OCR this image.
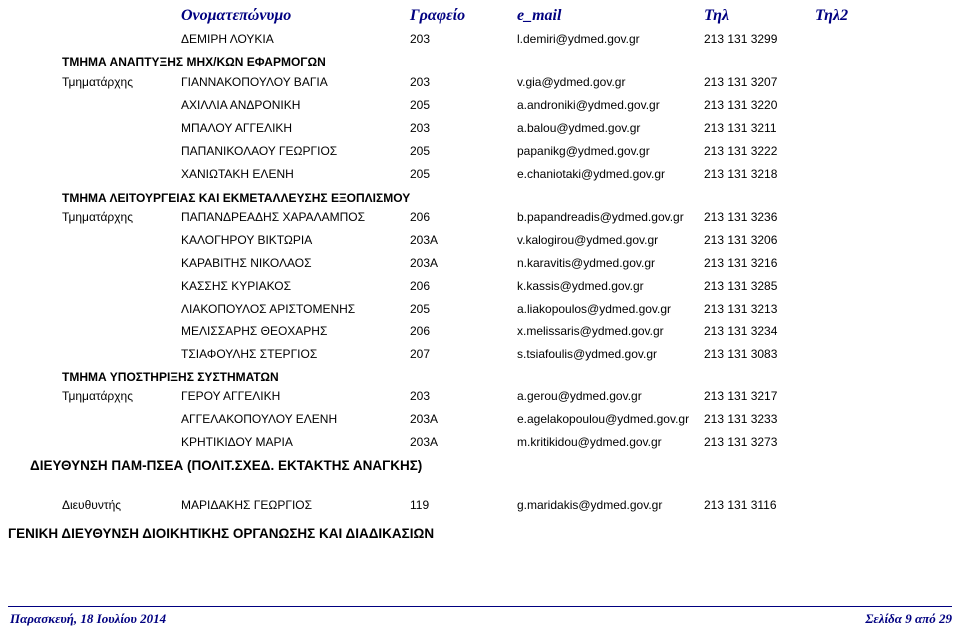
Ονοματεπώνυμο	Γραφείο	e_mail	Τηλ	Τηλ2
ΔΕΜΙΡΗ ΛΟΥΚΙΑ	203	l.demiri@ydmed.gov.gr	213 131 3299
ΤΜΗΜΑ ΑΝΑΠΤΥΞΗΣ ΜΗΧ/ΚΩΝ ΕΦΑΡΜΟΓΩΝ
Τμηματάρχης	ΓΙΑΝΝΑΚΟΠΟΥΛΟΥ ΒΑΓΙΑ	203	v.gia@ydmed.gov.gr	213 131 3207
ΑΧΙΛΛΙΑ ΑΝΔΡΟΝΙΚΗ	205	a.androniki@ydmed.gov.gr	213 131 3220
ΜΠΑΛΟΥ ΑΓΓΕΛΙΚΗ	203	a.balou@ydmed.gov.gr	213 131 3211
ΠΑΠΑΝΙΚΟΛΑΟΥ ΓΕΩΡΓΙΟΣ	205	papanikg@ydmed.gov.gr	213 131 3222
ΧΑΝΙΩΤΑΚΗ ΕΛΕΝΗ	205	e.chaniotaki@ydmed.gov.gr	213 131 3218
ΤΜΗΜΑ ΛΕΙΤΟΥΡΓΕΙΑΣ ΚΑΙ ΕΚΜΕΤΑΛΛΕΥΣΗΣ ΕΞΟΠΛΙΣΜΟΥ
Τμηματάρχης	ΠΑΠΑΝΔΡΕΑΔΗΣ ΧΑΡΑΛΑΜΠΟΣ	206	b.papandreadis@ydmed.gov.gr 213 131 3236
ΚΑΛΟΓΗΡΟΥ ΒΙΚΤΩΡΙΑ	203Α	v.kalogirou@ydmed.gov.gr	213 131 3206
ΚΑΡΑΒΙΤΗΣ ΝΙΚΟΛΑΟΣ	203Α	n.karavitis@ydmed.gov.gr	213 131 3216
ΚΑΣΣΗΣ ΚΥΡΙΑΚΟΣ	206	k.kassis@ydmed.gov.gr	213 131 3285
ΛΙΑΚΟΠΟΥΛΟΣ ΑΡΙΣΤΟΜΕΝΗΣ	205	a.liakopoulos@ydmed.gov.gr	213 131 3213
ΜΕΛΙΣΣΑΡΗΣ ΘΕΟΧΑΡΗΣ	206	x.melissaris@ydmed.gov.gr	213 131 3234
ΤΣΙΑΦΟΥΛΗΣ ΣΤΕΡΓΙΟΣ	207	s.tsiafoulis@ydmed.gov.gr	213 131 3083
ΤΜΗΜΑ ΥΠΟΣΤΗΡΙΞΗΣ ΣΥΣΤΗΜΑΤΩΝ
Τμηματάρχης	ΓΕΡΟΥ ΑΓΓΕΛΙΚΗ	203	a.gerou@ydmed.gov.gr	213 131 3217
ΑΓΓΕΛΑΚΟΠΟΥΛΟΥ ΕΛΕΝΗ	203Α	e.agelakopoulou@ydmed.gov.gr 213 131 3233
ΚΡΗΤΙΚΙΔΟΥ ΜΑΡΙΑ	203Α	m.kritikidou@ydmed.gov.gr	213 131 3273
ΔΙΕΥΘΥΝΣΗ ΠΑΜ-ΠΣΕΑ (ΠΟΛΙΤ.ΣΧΕΔ. ΕΚΤΑΚΤΗΣ ΑΝΑΓΚΗΣ)
Διευθυντής	ΜΑΡΙΔΑΚΗΣ ΓΕΩΡΓΙΟΣ	119	g.maridakis@ydmed.gov.gr	213 131 3116
ΓΕΝΙΚΗ ΔΙΕΥΘΥΝΣΗ ΔΙΟΙΚΗΤΙΚΗΣ ΟΡΓΑΝΩΣΗΣ ΚΑΙ ΔΙΑΔΙΚΑΣΙΩΝ
Παρασκευή, 18 Ιουλίου 2014	Σελίδα 9 από 29
